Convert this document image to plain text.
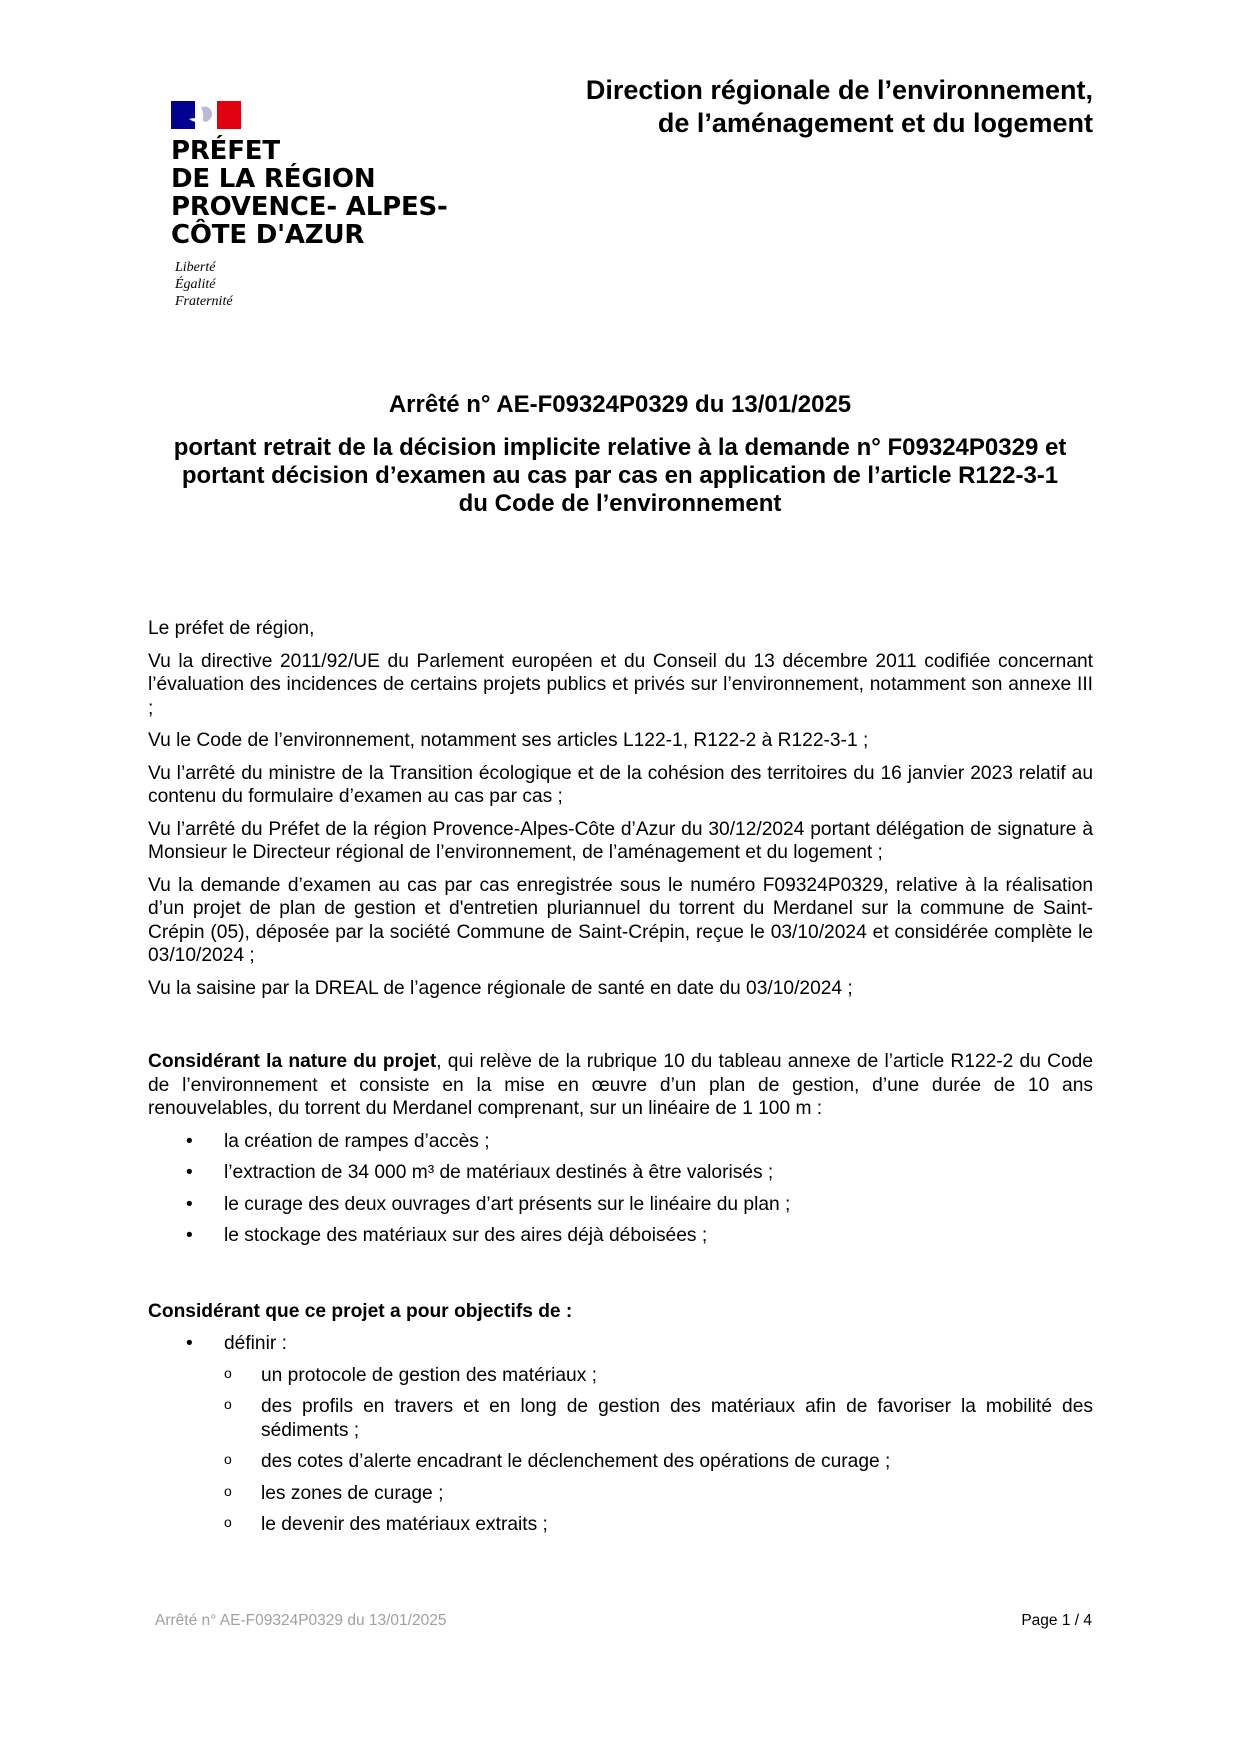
PRÉFET
DE LA RÉGION
PROVENCE- ALPES-
CÔTE D'AZUR
Liberté
Égalité
Fraternité
Direction régionale de l’environnement,
de l’aménagement et du logement
Arrêté n° AE-F09324P0329 du 13/01/2025
portant retrait de la décision implicite relative à la demande n° F09324P0329 et
portant décision d’examen au cas par cas en application de l’article R122-3-1
du Code de l’environnement

Le préfet de région,

Vu la directive 2011/92/UE du Parlement européen et du Conseil du 13 décembre 2011 codifiée concernant l’évaluation des incidences de certains projets publics et privés sur l’environnement, notamment son annexe III ;

Vu le Code de l’environnement, notamment ses articles L122-1, R122-2 à R122-3-1 ;

Vu l’arrêté du ministre de la Transition écologique et de la cohésion des territoires du 16 janvier 2023 relatif au contenu du formulaire d’examen au cas par cas ;

Vu l’arrêté du Préfet de la région Provence-Alpes-Côte d’Azur du 30/12/2024 portant délégation de signature à Monsieur le Directeur régional de l’environnement, de l’aménagement et du logement ;

Vu la demande d’examen au cas par cas enregistrée sous le numéro F09324P0329, relative à la réalisation d’un projet de plan de gestion et d'entretien pluriannuel du torrent du Merdanel sur la commune de Saint-Crépin (05), déposée par la société Commune de Saint-Crépin, reçue le 03/10/2024 et considérée complète le 03/10/2024 ;

Vu la saisine par la DREAL de l’agence régionale de santé en date du 03/10/2024 ;

Considérant la nature du projet, qui relève de la rubrique 10 du tableau annexe de l’article R122-2 du Code de l’environnement et consiste en la mise en œuvre d’un plan de gestion, d’une durée de 10 ans renouvelables, du torrent du Merdanel comprenant, sur un linéaire de 1 100 m :

• la création de rampes d’accès ;
• l’extraction de 34 000 m³ de matériaux destinés à être valorisés ;
• le curage des deux ouvrages d’art présents sur le linéaire du plan ;
• le stockage des matériaux sur des aires déjà déboisées ;

Considérant que ce projet a pour objectifs de :

• définir :
o un protocole de gestion des matériaux ;
o des profils en travers et en long de gestion des matériaux afin de favoriser la mobilité des sédiments ;
o des cotes d’alerte encadrant le déclenchement des opérations de curage ;
o les zones de curage ;
o le devenir des matériaux extraits ;
Arrêté n° AE-F09324P0329 du 13/01/2025	Page 1 / 4
